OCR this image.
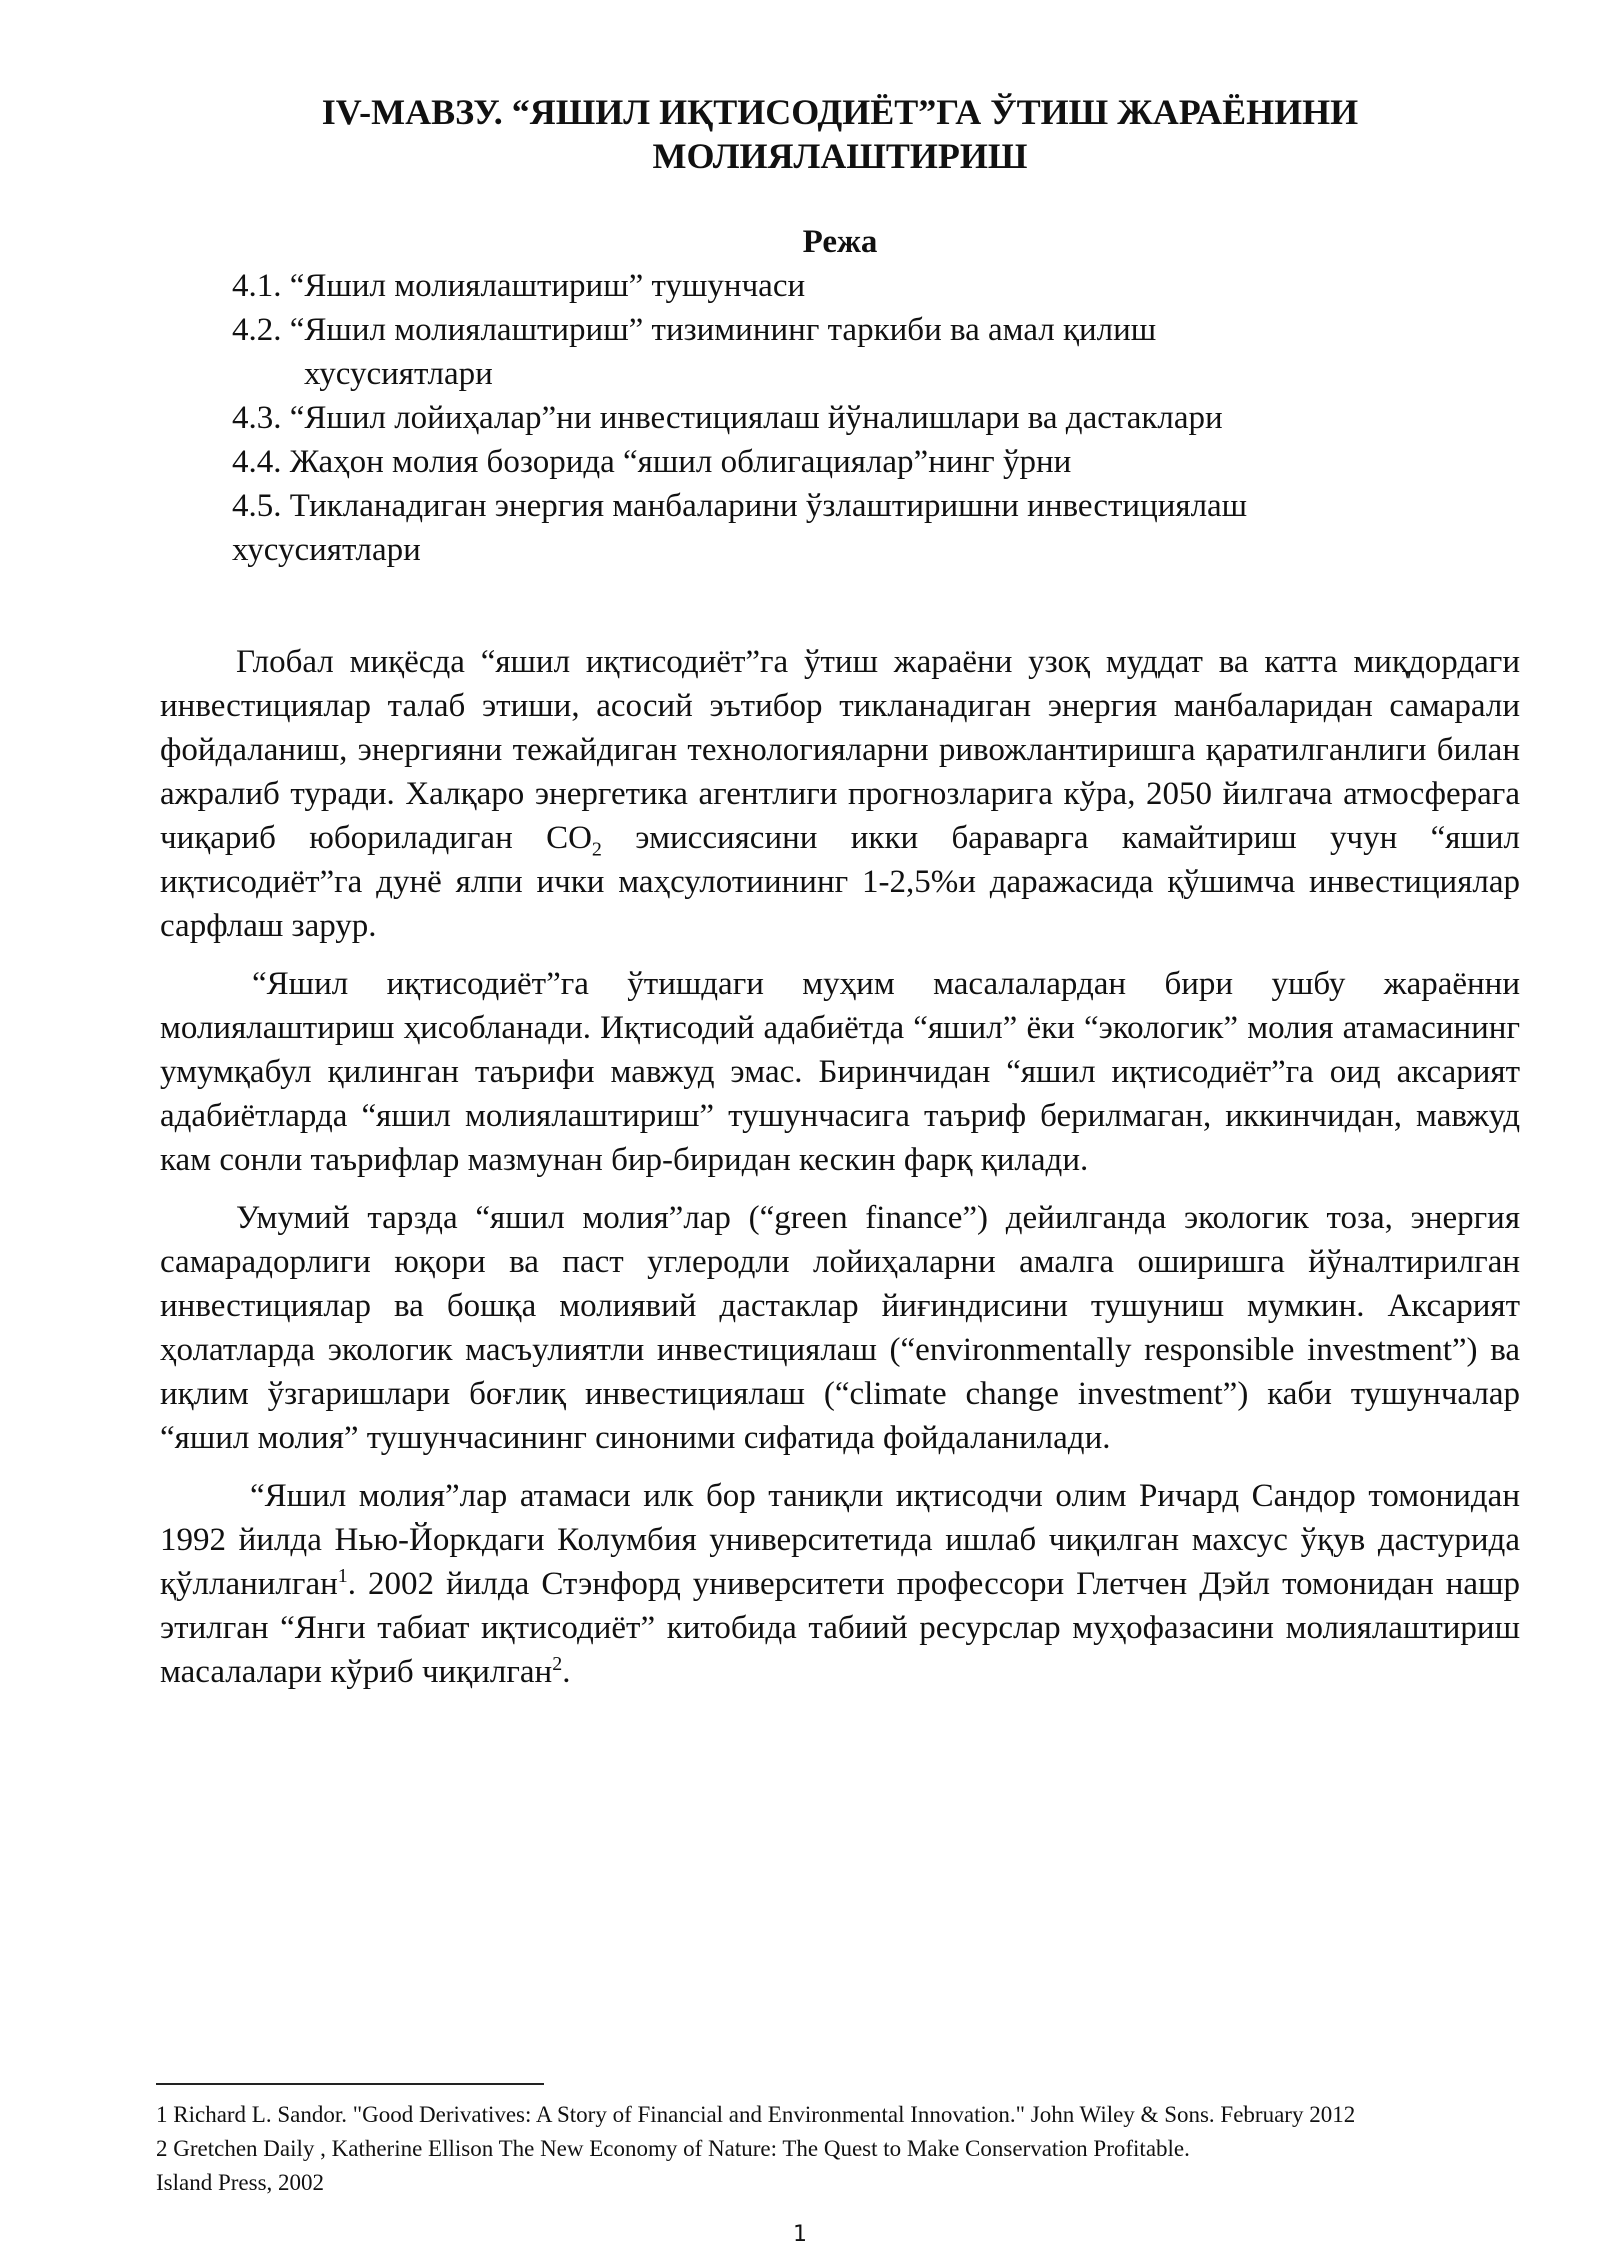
IV-МАВЗУ. “ЯШИЛ ИҚТИСОДИЁТ”ГА ЎТИШ ЖАРАЁНИНИ
МОЛИЯЛАШТИРИШ
Режа

4.1. “Яшил молиялаштириш” тушунчаси

4.2. “Яшил молиялаштириш” тизимининг таркиби ва амал қилиш
хусусиятлари

4.3. “Яшил лойиҳалар”ни инвестициялаш йўналишлари ва дастаклари

4.4. Жаҳон молия бозорида “яшил облигациялар”нинг ўрни

4.5. Тикланадиган энергия манбаларини ўзлаштиришни инвестициялаш
хусусиятлари

Глобал миқёсда “яшил иқтисодиёт”га ўтиш жараёни узоқ муддат ва катта миқдордаги инвестициялар талаб этиши, асосий эътибор тикланадиган энергия манбаларидан самарали фойдаланиш, энергияни тежайдиган технологияларни ривожлантиришга қаратилганлиги билан ажралиб туради. Халқаро энергетика агентлиги прогнозларига кўра, 2050 йилгача атмосферага чиқариб юбориладиган $CO_2$ эмиссиясини икки бараварга камайтириш учун “яшил иқтисодиёт”га дунё ялпи ички маҳсулотиининг 1-2,5%и даражасида қўшимча инвестициялар сарфлаш зарур.

“Яшил иқтисодиёт”га ўтишдаги муҳим масалалардан бири ушбу жараённи молиялаштириш ҳисобланади. Иқтисодий адабиётда “яшил” ёки “экологик” молия атамасининг умумқабул қилинган таърифи мавжуд эмас. Биринчидан “яшил иқтисодиёт”га оид аксарият адабиётларда “яшил молиялаштириш” тушунчасига таъриф берилмаган, иккинчидан, мавжуд кам сонли таърифлар мазмунан бир-биридан кескин фарқ қилади.

Умумий тарзда “яшил молия”лар (“green finance”) дейилганда экологик тоза, энергия самарадорлиги юқори ва паст углеродли лойиҳаларни амалга оширишга йўналтирилган инвестициялар ва бошқа молиявий дастаклар йиғиндисини тушуниш мумкин. Аксарият ҳолатларда экологик масъулиятли инвестициялаш (“environmentally responsible investment”) ва иқлим ўзгаришлари боғлиқ инвестициялаш (“climate change investment”) каби тушунчалар “яшил молия” тушунчасининг синоними сифатида фойдаланилади.

“Яшил молия”лар атамаси илк бор таниқли иқтисодчи олим Ричард Сандор томонидан 1992 йилда Нью-Йоркдаги Колумбия университетида ишлаб чиқилган махсус ўқув дастурида қўлланилган$^1$. 2002 йилда Стэнфорд университети профессори Глетчен Дэйл томонидан нашр этилган “Янги табиат иқтисодиёт” китобида табиий ресурслар муҳофазасини молиялаштириш масалалари кўриб чиқилган$^2$.

1 Richard L. Sandor. "Good Derivatives: A Story of Financial and Environmental Innovation." John Wiley & Sons. February 2012

2 Gretchen Daily , Katherine Ellison The New Economy of Nature: The Quest to Make Conservation Profitable.

Island Press, 2002

1
